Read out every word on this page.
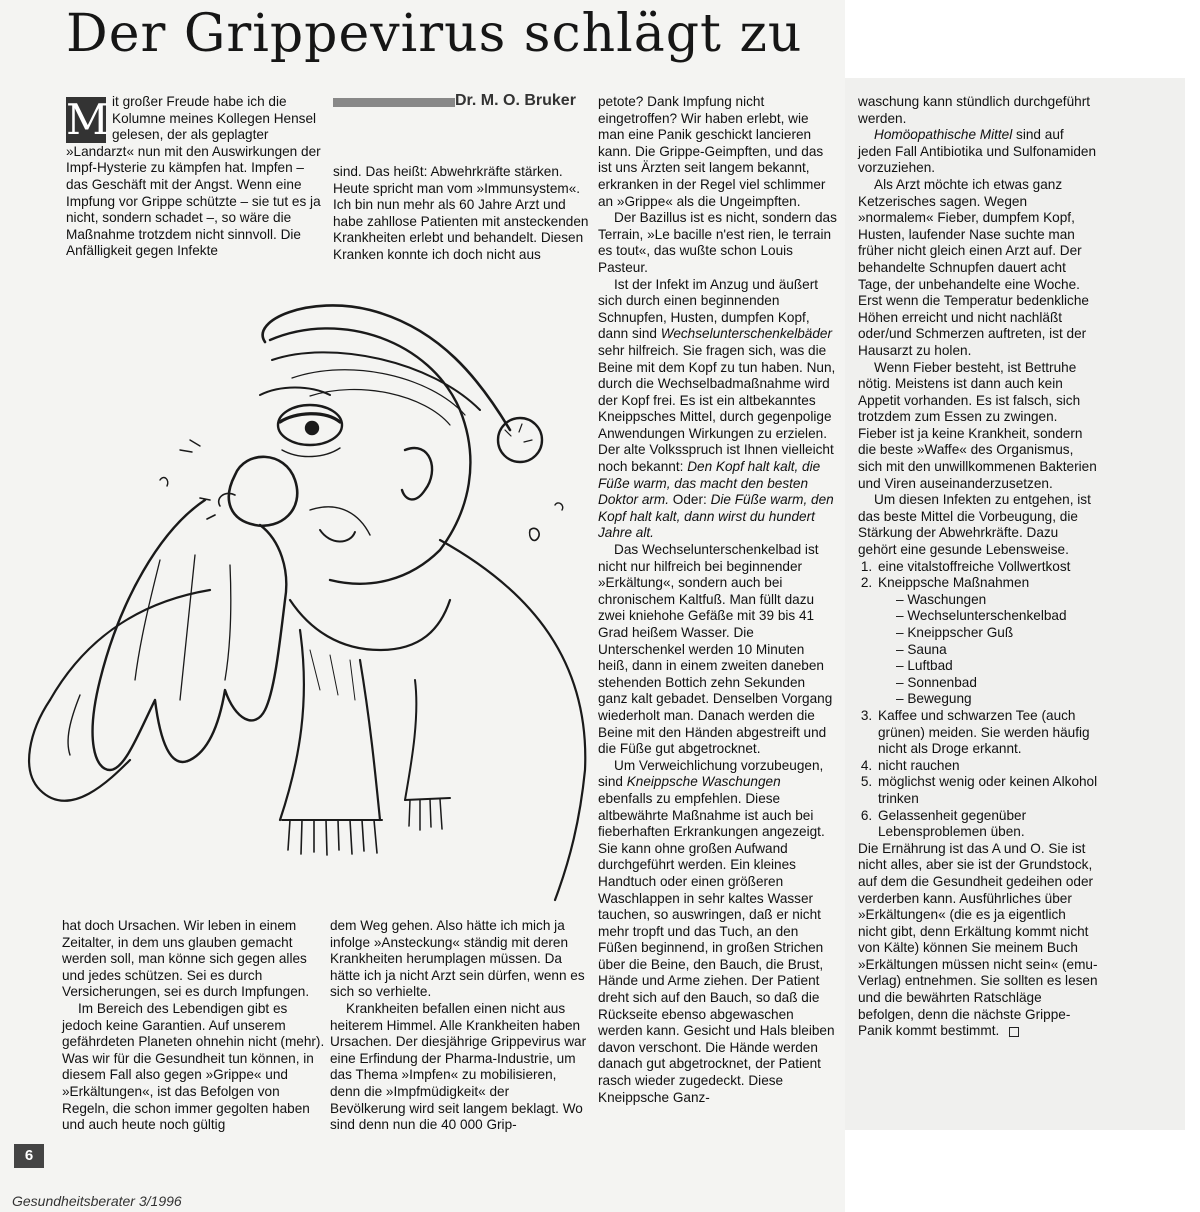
Der Grippevirus schlägt zu

M it großer Freude habe ich die Kolumne meines Kollegen Hensel gelesen, der als geplagter »Landarzt« nun mit den Auswirkungen der Impf-Hysterie zu kämpfen hat. Impfen – das Geschäft mit der Angst. Wenn eine Impfung vor Grippe schützte – sie tut es ja nicht, sondern schadet –, so wäre die Maßnahme trotzdem nicht sinnvoll. Die Anfälligkeit gegen Infekte

Dr. M. O. Bruker

sind. Das heißt: Abwehrkräfte stärken. Heute spricht man vom »Immunsystem«. Ich bin nun mehr als 60 Jahre Arzt und habe zahllose Patienten mit ansteckenden Krankheiten erlebt und behandelt. Diesen Kranken konnte ich doch nicht aus

hat doch Ursachen. Wir leben in einem Zeitalter, in dem uns glauben gemacht werden soll, man könne sich gegen alles und jedes schützen. Sei es durch Versicherungen, sei es durch Impfungen.

Im Bereich des Lebendigen gibt es jedoch keine Garantien. Auf unserem gefährdeten Planeten ohnehin nicht (mehr). Was wir für die Gesundheit tun können, in diesem Fall also gegen »Grippe« und »Erkältungen«, ist das Befolgen von Regeln, die schon immer gegolten haben und auch heute noch gültig

dem Weg gehen. Also hätte ich mich ja infolge »Ansteckung« ständig mit deren Krankheiten herumplagen müssen. Da hätte ich ja nicht Arzt sein dürfen, wenn es sich so verhielte.

Krankheiten befallen einen nicht aus heiterem Himmel. Alle Krankheiten haben Ursachen. Der diesjährige Grippevirus war eine Erfindung der Pharma-Industrie, um das Thema »Impfen« zu mobilisieren, denn die »Impfmüdigkeit« der Bevölkerung wird seit langem beklagt. Wo sind denn nun die 40 000 Grip-

petote? Dank Impfung nicht eingetroffen? Wir haben erlebt, wie man eine Panik geschickt lancieren kann. Die Grippe-Geimpften, und das ist uns Ärzten seit langem bekannt, erkranken in der Regel viel schlimmer an »Grippe« als die Ungeimpften.

Der Bazillus ist es nicht, sondern das Terrain, »Le bacille n'est rien, le terrain es tout«, das wußte schon Louis Pasteur.

Ist der Infekt im Anzug und äußert sich durch einen beginnenden Schnupfen, Husten, dumpfen Kopf, dann sind Wechselunterschenkelbäder sehr hilfreich. Sie fragen sich, was die Beine mit dem Kopf zu tun haben. Nun, durch die Wechselbadmaßnahme wird der Kopf frei. Es ist ein altbekanntes Kneippsches Mittel, durch gegenpolige Anwendungen Wirkungen zu erzielen. Der alte Volksspruch ist Ihnen vielleicht noch bekannt: Den Kopf halt kalt, die Füße warm, das macht den besten Doktor arm. Oder: Die Füße warm, den Kopf halt kalt, dann wirst du hundert Jahre alt.

Das Wechselunterschenkelbad ist nicht nur hilfreich bei beginnender »Erkältung«, sondern auch bei chronischem Kaltfuß. Man füllt dazu zwei kniehohe Gefäße mit 39 bis 41 Grad heißem Wasser. Die Unterschenkel werden 10 Minuten heiß, dann in einem zweiten daneben stehenden Bottich zehn Sekunden ganz kalt gebadet. Denselben Vorgang wiederholt man. Danach werden die Beine mit den Händen abgestreift und die Füße gut abgetrocknet.

Um Verweichlichung vorzubeugen, sind Kneippsche Waschungen ebenfalls zu empfehlen. Diese altbewährte Maßnahme ist auch bei fieberhaften Erkrankungen angezeigt. Sie kann ohne großen Aufwand durchgeführt werden. Ein kleines Handtuch oder einen größeren Waschlappen in sehr kaltes Wasser tauchen, so auswringen, daß er nicht mehr tropft und das Tuch, an den Füßen beginnend, in großen Strichen über die Beine, den Bauch, die Brust, Hände und Arme ziehen. Der Patient dreht sich auf den Bauch, so daß die Rückseite ebenso abgewaschen werden kann. Gesicht und Hals bleiben davon verschont. Die Hände werden danach gut abgetrocknet, der Patient rasch wieder zugedeckt. Diese Kneippsche Ganz-

waschung kann stündlich durchgeführt werden.

Homöopathische Mittel sind auf jeden Fall Antibiotika und Sulfonamiden vorzuziehen.

Als Arzt möchte ich etwas ganz Ketzerisches sagen. Wegen »normalem« Fieber, dumpfem Kopf, Husten, laufender Nase suchte man früher nicht gleich einen Arzt auf. Der behandelte Schnupfen dauert acht Tage, der unbehandelte eine Woche. Erst wenn die Temperatur bedenkliche Höhen erreicht und nicht nachläßt oder/und Schmerzen auftreten, ist der Hausarzt zu holen.

Wenn Fieber besteht, ist Bettruhe nötig. Meistens ist dann auch kein Appetit vorhanden. Es ist falsch, sich trotzdem zum Essen zu zwingen. Fieber ist ja keine Krankheit, sondern die beste »Waffe« des Organismus, sich mit den unwillkommenen Bakterien und Viren auseinanderzusetzen.

Um diesen Infekten zu entgehen, ist das beste Mittel die Vorbeugung, die Stärkung der Abwehrkräfte. Dazu gehört eine gesunde Lebensweise.

1. eine vitalstoffreiche Vollwertkost
2. Kneippsche Maßnahmen
– Waschungen
– Wechselunterschenkelbad
– Kneippscher Guß
– Sauna
– Luftbad
– Sonnenbad
– Bewegung
3. Kaffee und schwarzen Tee (auch grünen) meiden. Sie werden häufig nicht als Droge erkannt.
4. nicht rauchen
5. möglichst wenig oder keinen Alkohol trinken
6. Gelassenheit gegenüber Lebensproblemen üben.

Die Ernährung ist das A und O. Sie ist nicht alles, aber sie ist der Grundstock, auf dem die Gesundheit gedeihen oder verderben kann. Ausführliches über »Erkältungen« (die es ja eigentlich nicht gibt, denn Erkältung kommt nicht von Kälte) können Sie meinem Buch »Erkältungen müssen nicht sein« (emu-Verlag) entnehmen. Sie sollten es lesen und die bewährten Ratschläge befolgen, denn die nächste Grippe-Panik kommt bestimmt.

6
Gesundheitsberater 3/1996
